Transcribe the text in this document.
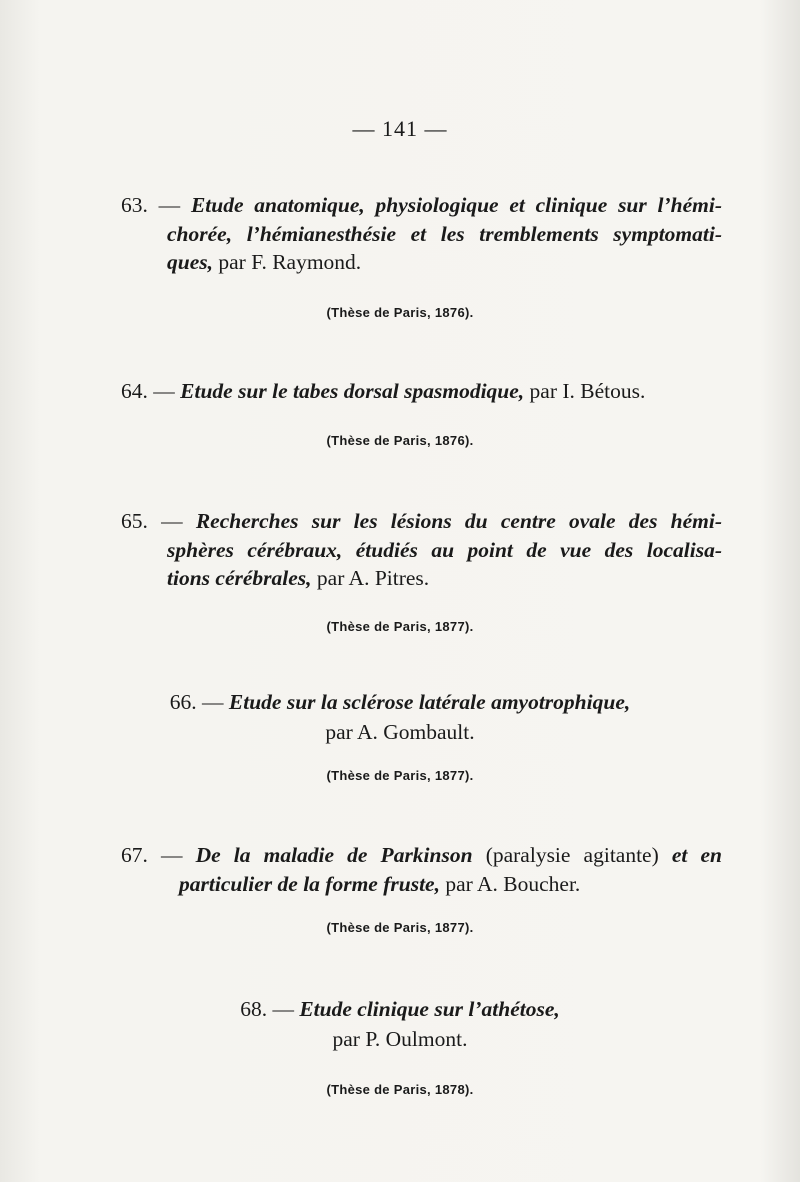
— 141 —
63. — Etude anatomique, physiologique et clinique sur l’hémi-
chorée, l’hémianesthésie et les tremblements symptomati-
ques, par F. Raymond.
(Thèse de Paris, 1876).
64. — Etude sur le tabes dorsal spasmodique, par I. Bétous.
(Thèse de Paris, 1876).
65. — Recherches sur les lésions du centre ovale des hémi-
sphères cérébraux, étudiés au point de vue des localisa-
tions cérébrales, par A. Pitres.
(Thèse de Paris, 1877).
66. — Etude sur la sclérose latérale amyotrophique,
par A. Gombault.
(Thèse de Paris, 1877).
67. — De la maladie de Parkinson (paralysie agitante) et en
particulier de la forme fruste, par A. Boucher.
(Thèse de Paris, 1877).
68. — Etude clinique sur l’athétose,
par P. Oulmont.
(Thèse de Paris, 1878).
